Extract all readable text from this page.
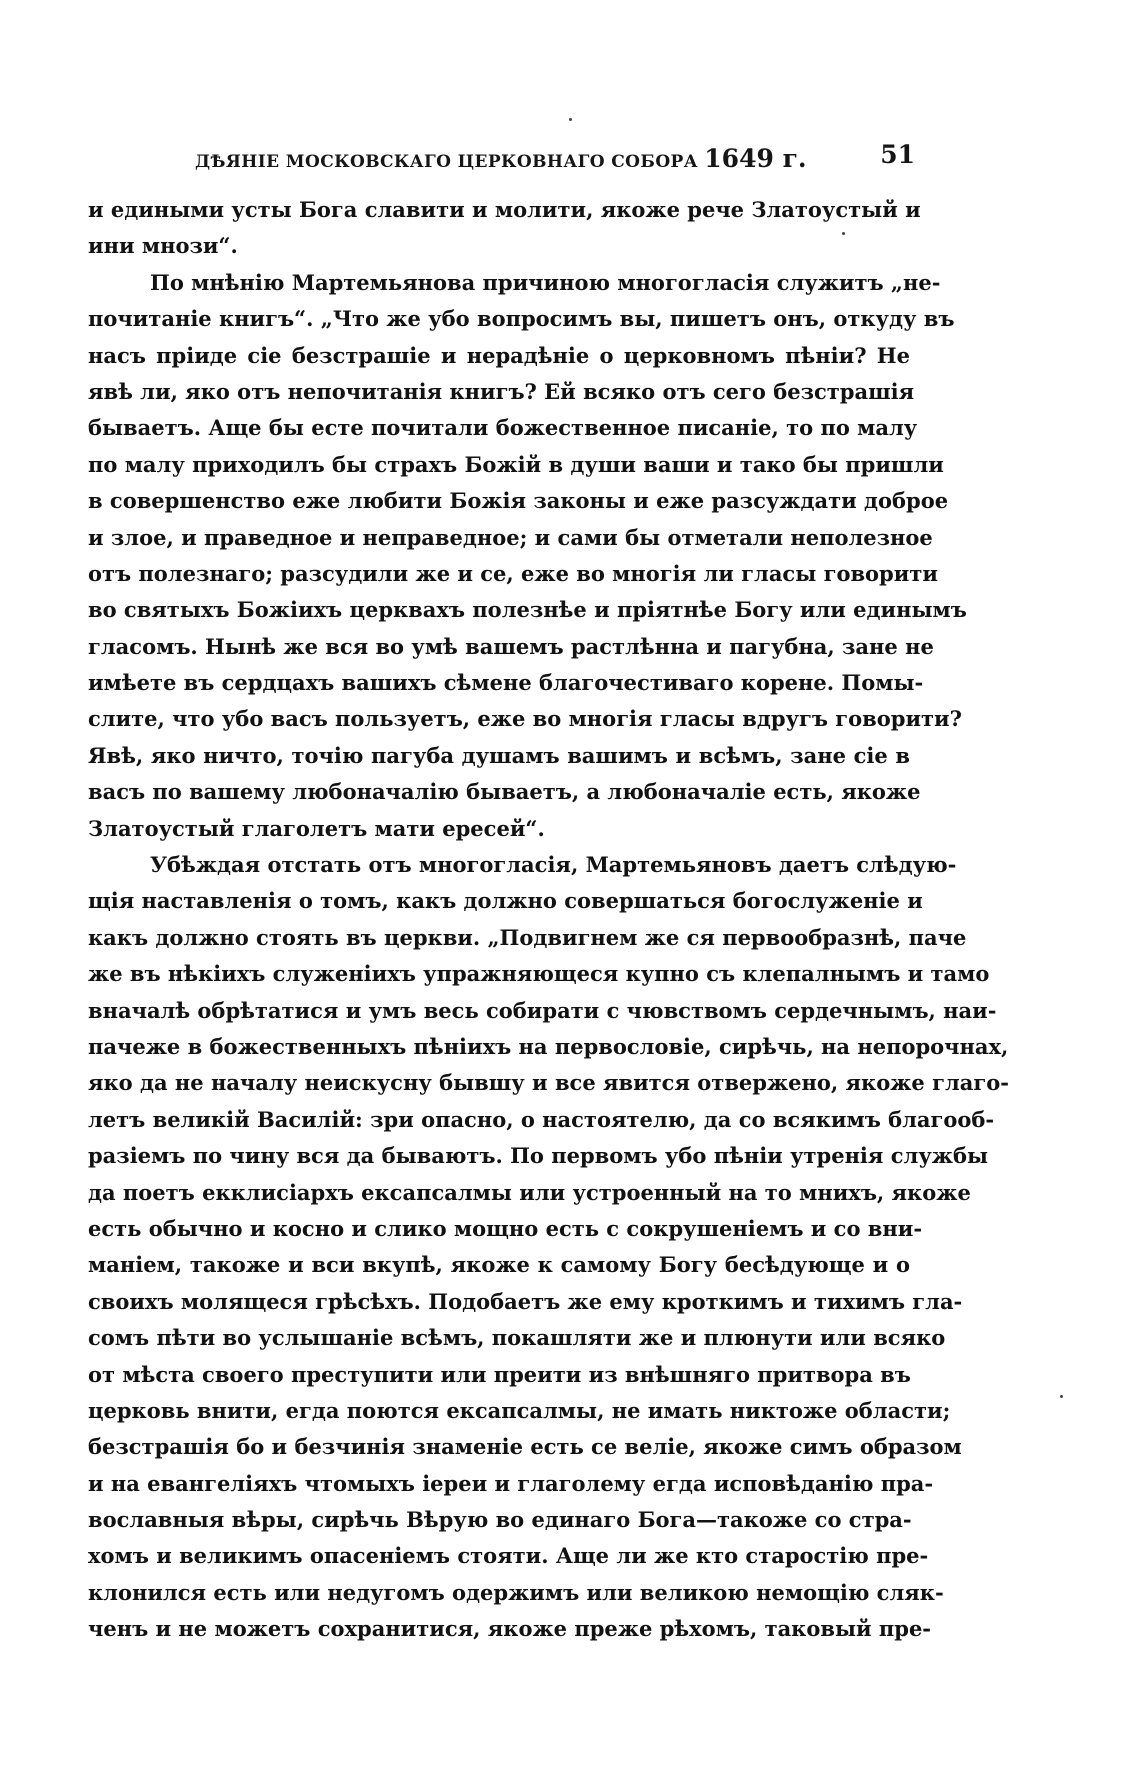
ДѢЯНІЕ МОСКОВСКАГО ЦЕРКОВНАГО СОБОРА 1649 г.	51
и едиными усты Бога славити и молити, якоже рече Златоустый и
ини мнози“.
По мнѣнію Мартемьянова причиною многогласія служитъ „не-
почитаніе книгъ“. „Что же убо вопросимъ вы, пишетъ онъ, откуду въ
насъ пріиде сіе безстрашіе и нерадѣніе о церковномъ пѣніи? Не
явѣ ли, яко отъ непочитанія книгъ? Ей всяко отъ сего безстрашія
бываетъ. Аще бы есте почитали божественное писаніе, то по малу
по малу приходилъ бы страхъ Божій в души ваши и тако бы пришли
в совершенство еже любити Божія законы и еже разсуждати доброе
и злое, и праведное и неправедное; и сами бы отметали неполезное
отъ полезнаго; разсудили же и се, еже во многія ли гласы говорити
во святыхъ Божіихъ церквахъ полезнѣе и пріятнѣе Богу или единымъ
гласомъ. Нынѣ же вся во умѣ вашемъ растлѣнна и пагубна, зане не
имѣете въ сердцахъ вашихъ сѣмене благочестиваго корене. Помы-
слите, что убо васъ пользуетъ, еже во многія гласы вдругъ говорити?
Явѣ, яко ничто, точію пагуба душамъ вашимъ и всѣмъ, зане сіе в
васъ по вашему любоначалію бываетъ, а любоначаліе есть, якоже
Златоустый глаголетъ мати ересей“.
Убѣждая отстать отъ многогласія, Мартемьяновъ даетъ слѣдую-
щія наставленія о томъ, какъ должно совершаться богослуженіе и
какъ должно стоять въ церкви. „Подвигнем же ся первообразнѣ, паче
же въ нѣкіихъ служеніихъ упражняющеся купно съ клепалнымъ и тамо
вначалѣ обрѣтатися и умъ весь собирати с чювствомъ сердечнымъ, наи-
пачеже в божественныхъ пѣніихъ на первословіе, сирѣчь, на непорочнах,
яко да не началу неискусну бывшу и все явится отвержено, якоже глаго-
летъ великій Василій: зри опасно, о настоятелю, да со всякимъ благооб-
разіемъ по чину вся да бываютъ. По первомъ убо пѣніи утренія службы
да поетъ екклисіархъ ексапсалмы или устроенный на то мнихъ, якоже
есть обычно и косно и слико мощно есть с сокрушеніемъ и со вни-
маніем, такоже и вси вкупѣ, якоже к самому Богу бесѣдующе и о
своихъ молящеся грѣсѣхъ. Подобаетъ же ему кроткимъ и тихимъ гла-
сомъ пѣти во услышаніе всѣмъ, покашляти же и плюнути или всяко
от мѣста своего преступити или преити из внѣшняго притвора въ
церковь внити, егда поются ексапсалмы, не имать никтоже области;
безстрашія бо и безчинія знаменіе есть се веліе, якоже симъ образом
и на евангеліяхъ чтомыхъ іереи и глаголему егда исповѣданію пра-
вославныя вѣры, сирѣчь Вѣрую во единаго Бога—такоже со стра-
хомъ и великимъ опасеніемъ стояти. Аще ли же кто старостію пре-
клонился есть или недугомъ одержимъ или великою немощію сляк-
ченъ и не можетъ сохранитися, якоже преже рѣхомъ, таковый пре-
